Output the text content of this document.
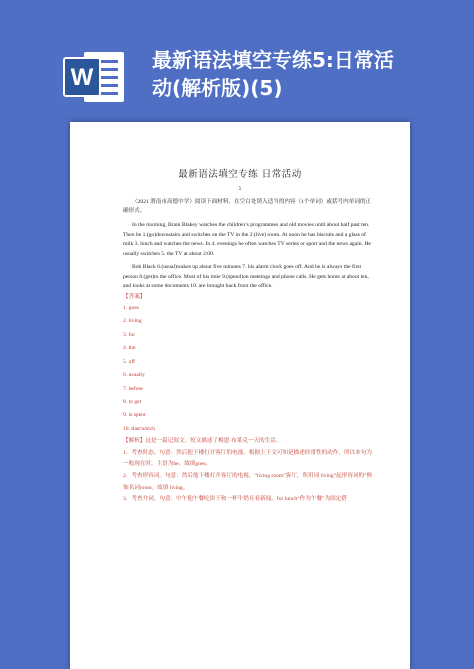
W
最新语法填空专练5:日常活
动(解析版)(5)
最新语法填空专练 日常活动
1

（2021 渭南市高德中学）阅读下面材料，在空白处填入适当的内容（1个单词）或括号内单词的正确形式。

In the morning, Brain Blakey watches the children’s programmes and old movies until about half past ten. Then he 1.(go)downstairs and switches on the TV in the 2.(live) room. At noon he has biscuits and a glass of milk 3. lunch and watches the news. In 4. evenings he often watches TV series or sport and the news again. He usually switches 5. the TV at about 2:00.

Bob Black 6.(usual)wakes up about five minutes 7. his alarm clock goes off. And he is always the first person 8.(get)to the office. Most of his time 9.(spend)on meetings and phone calls. He gets home at about ten, and looks at some documents 10. are brought back from the office.

【答案】
1. goes
2. living
3. for
4. the
5. off
6. usually
7. before
8. to get
9. is spent
10. that/which

【解析】这是一篇记叙文。短文描述了梅恩·布莱克一天的生活。

1．考查时态。句意：然后他下楼打开客厅的电视。根据上下文可知是描述经常性的动作，所以本句为一般现在时，主语为he，故填goes。

2．考查形容词。句意：然后他下楼打开客厅的电视。“living room”客厅，所用词 living”起形容词的“修饰名词room。故填 living。

3．考查介词。句意：中午他午餐吃饼干和一杯牛奶且看新闻。for lunch“作为午餐”为固定搭
